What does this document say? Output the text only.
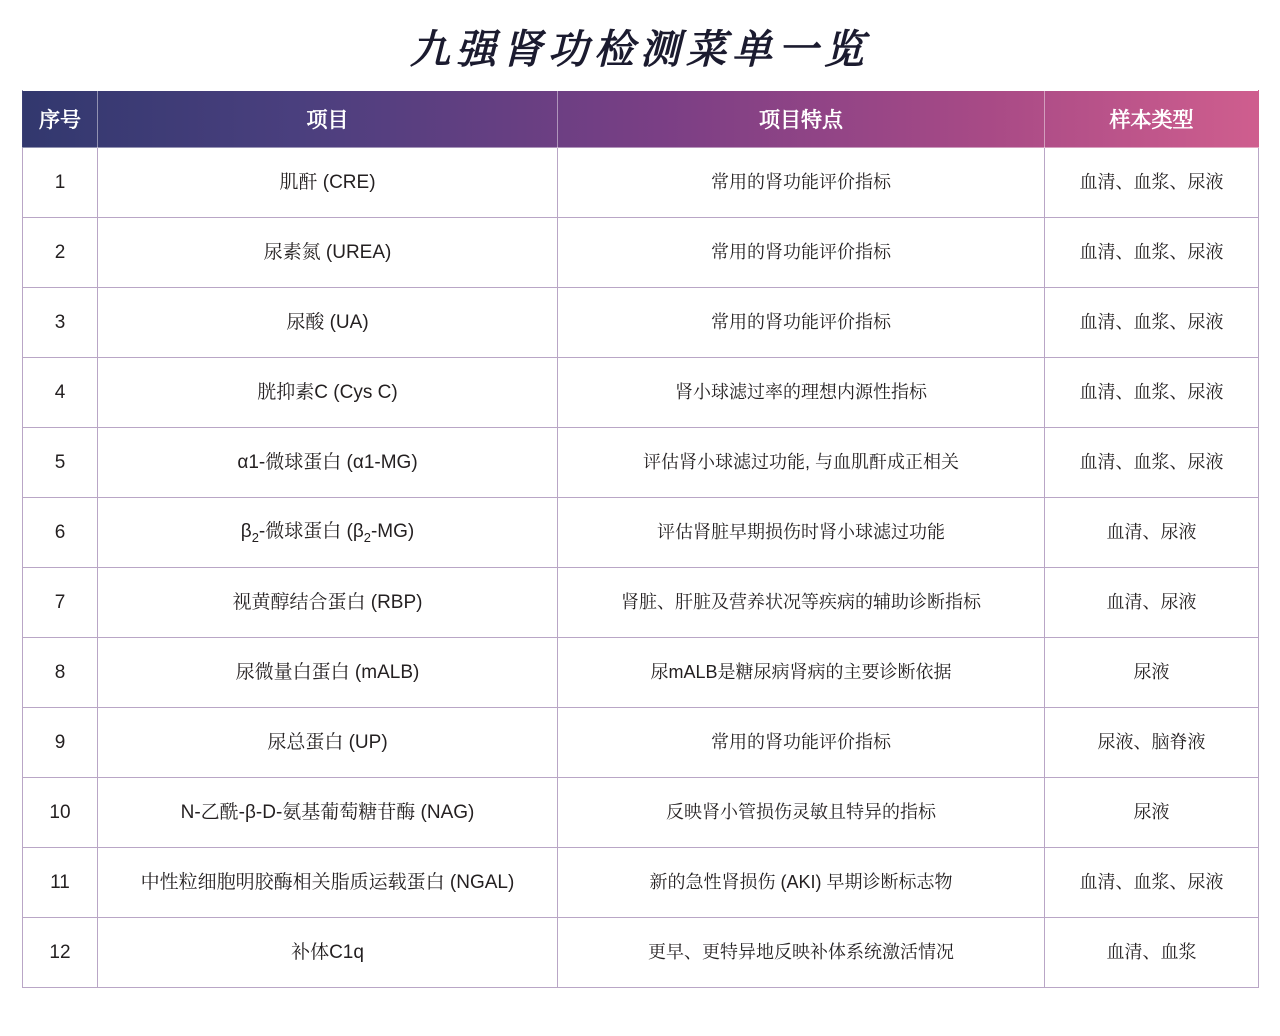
九强肾功检测菜单一览
序号	项目	项目特点	样本类型
1	肌酐 (CRE)	常用的肾功能评价指标	血清、血浆、尿液
2	尿素氮 (UREA)	常用的肾功能评价指标	血清、血浆、尿液
3	尿酸 (UA)	常用的肾功能评价指标	血清、血浆、尿液
4	胱抑素C (Cys C)	肾小球滤过率的理想内源性指标	血清、血浆、尿液
5	α1-微球蛋白 (α1-MG)	评估肾小球滤过功能, 与血肌酐成正相关	血清、血浆、尿液
6	$\beta_2-$微球蛋白 $(\beta_2-MG)$	评估肾脏早期损伤时肾小球滤过功能	血清、尿液
7	视黄醇结合蛋白 (RBP)	肾脏、肝脏及营养状况等疾病的辅助诊断指标	血清、尿液
8	尿微量白蛋白 (mALB)	尿mALB是糖尿病肾病的主要诊断依据	尿液
9	尿总蛋白 (UP)	常用的肾功能评价指标	尿液、脑脊液
10	N-乙酰-β-D-氨基葡萄糖苷酶 (NAG)	反映肾小管损伤灵敏且特异的指标	尿液
11	中性粒细胞明胶酶相关脂质运载蛋白 (NGAL)	新的急性肾损伤 (AKI) 早期诊断标志物	血清、血浆、尿液
12	补体C1q	更早、更特异地反映补体系统激活情况	血清、血浆
